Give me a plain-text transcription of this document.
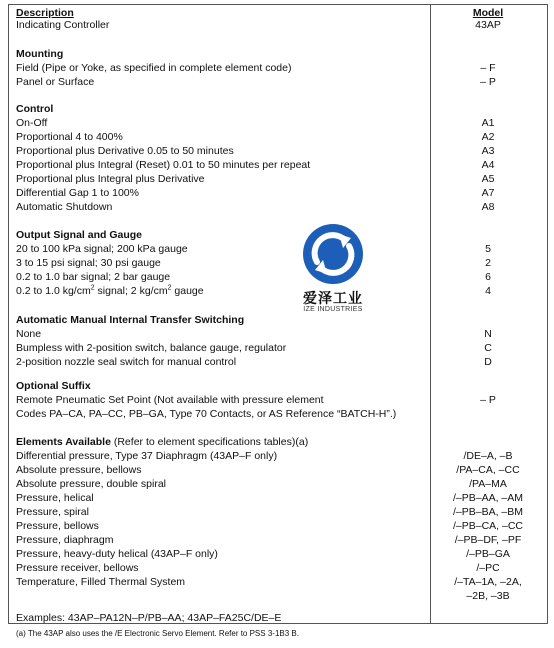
Description	Model
Indicating Controller	43AP
Mounting
Field (Pipe or Yoke, as specified in complete element code)	– F
Panel or Surface	– P
Control
On-Off	A1
Proportional 4 to 400%	A2
Proportional plus Derivative 0.05 to 50 minutes	A3
Proportional plus Integral (Reset) 0.01 to 50 minutes per repeat	A4
Proportional plus Integral plus Derivative	A5
Differential Gap 1 to 100%	A7
Automatic Shutdown	A8
Output Signal and Gauge
20 to 100 kPa signal; 200 kPa gauge	5
3 to 15 psi signal; 30 psi gauge	2
0.2 to 1.0 bar signal; 2 bar gauge	6
0.2 to 1.0 $kg/cm^2$ signal; 2 $kg/cm^2$ gauge	4
Automatic Manual Internal Transfer Switching
None	N
Bumpless with 2-position switch, balance gauge, regulator	C
2-position nozzle seal switch for manual control	D
Optional Suffix
Remote Pneumatic Set Point (Not available with pressure element	– P
Codes PA–CA, PA–CC, PB–GA, Type 70 Contacts, or AS Reference “BATCH-H”.)
Elements Available (Refer to element specifications tables)(a)
Differential pressure, Type 37 Diaphragm (43AP–F only)	/DE–A, –B
Absolute pressure, bellows	/PA–CA, –CC
Absolute pressure, double spiral	/PA–MA
Pressure, helical	/–PB–AA, –AM
Pressure, spiral	/–PB–BA, –BM
Pressure, bellows	/–PB–CA, –CC
Pressure, diaphragm	/–PB–DF, –PF
Pressure, heavy-duty helical (43AP–F only)	/–PB–GA
Pressure receiver, bellows	/–PC
Temperature, Filled Thermal System	/–TA–1A, –2A,
–2B, –3B
Examples: 43AP–PA12N–P/PB–AA; 43AP–FA25C/DE–E
(a) The 43AP also uses the /E Electronic Servo Element. Refer to PSS 3-1B3 B.
爱泽工业
IZE INDUSTRIES
